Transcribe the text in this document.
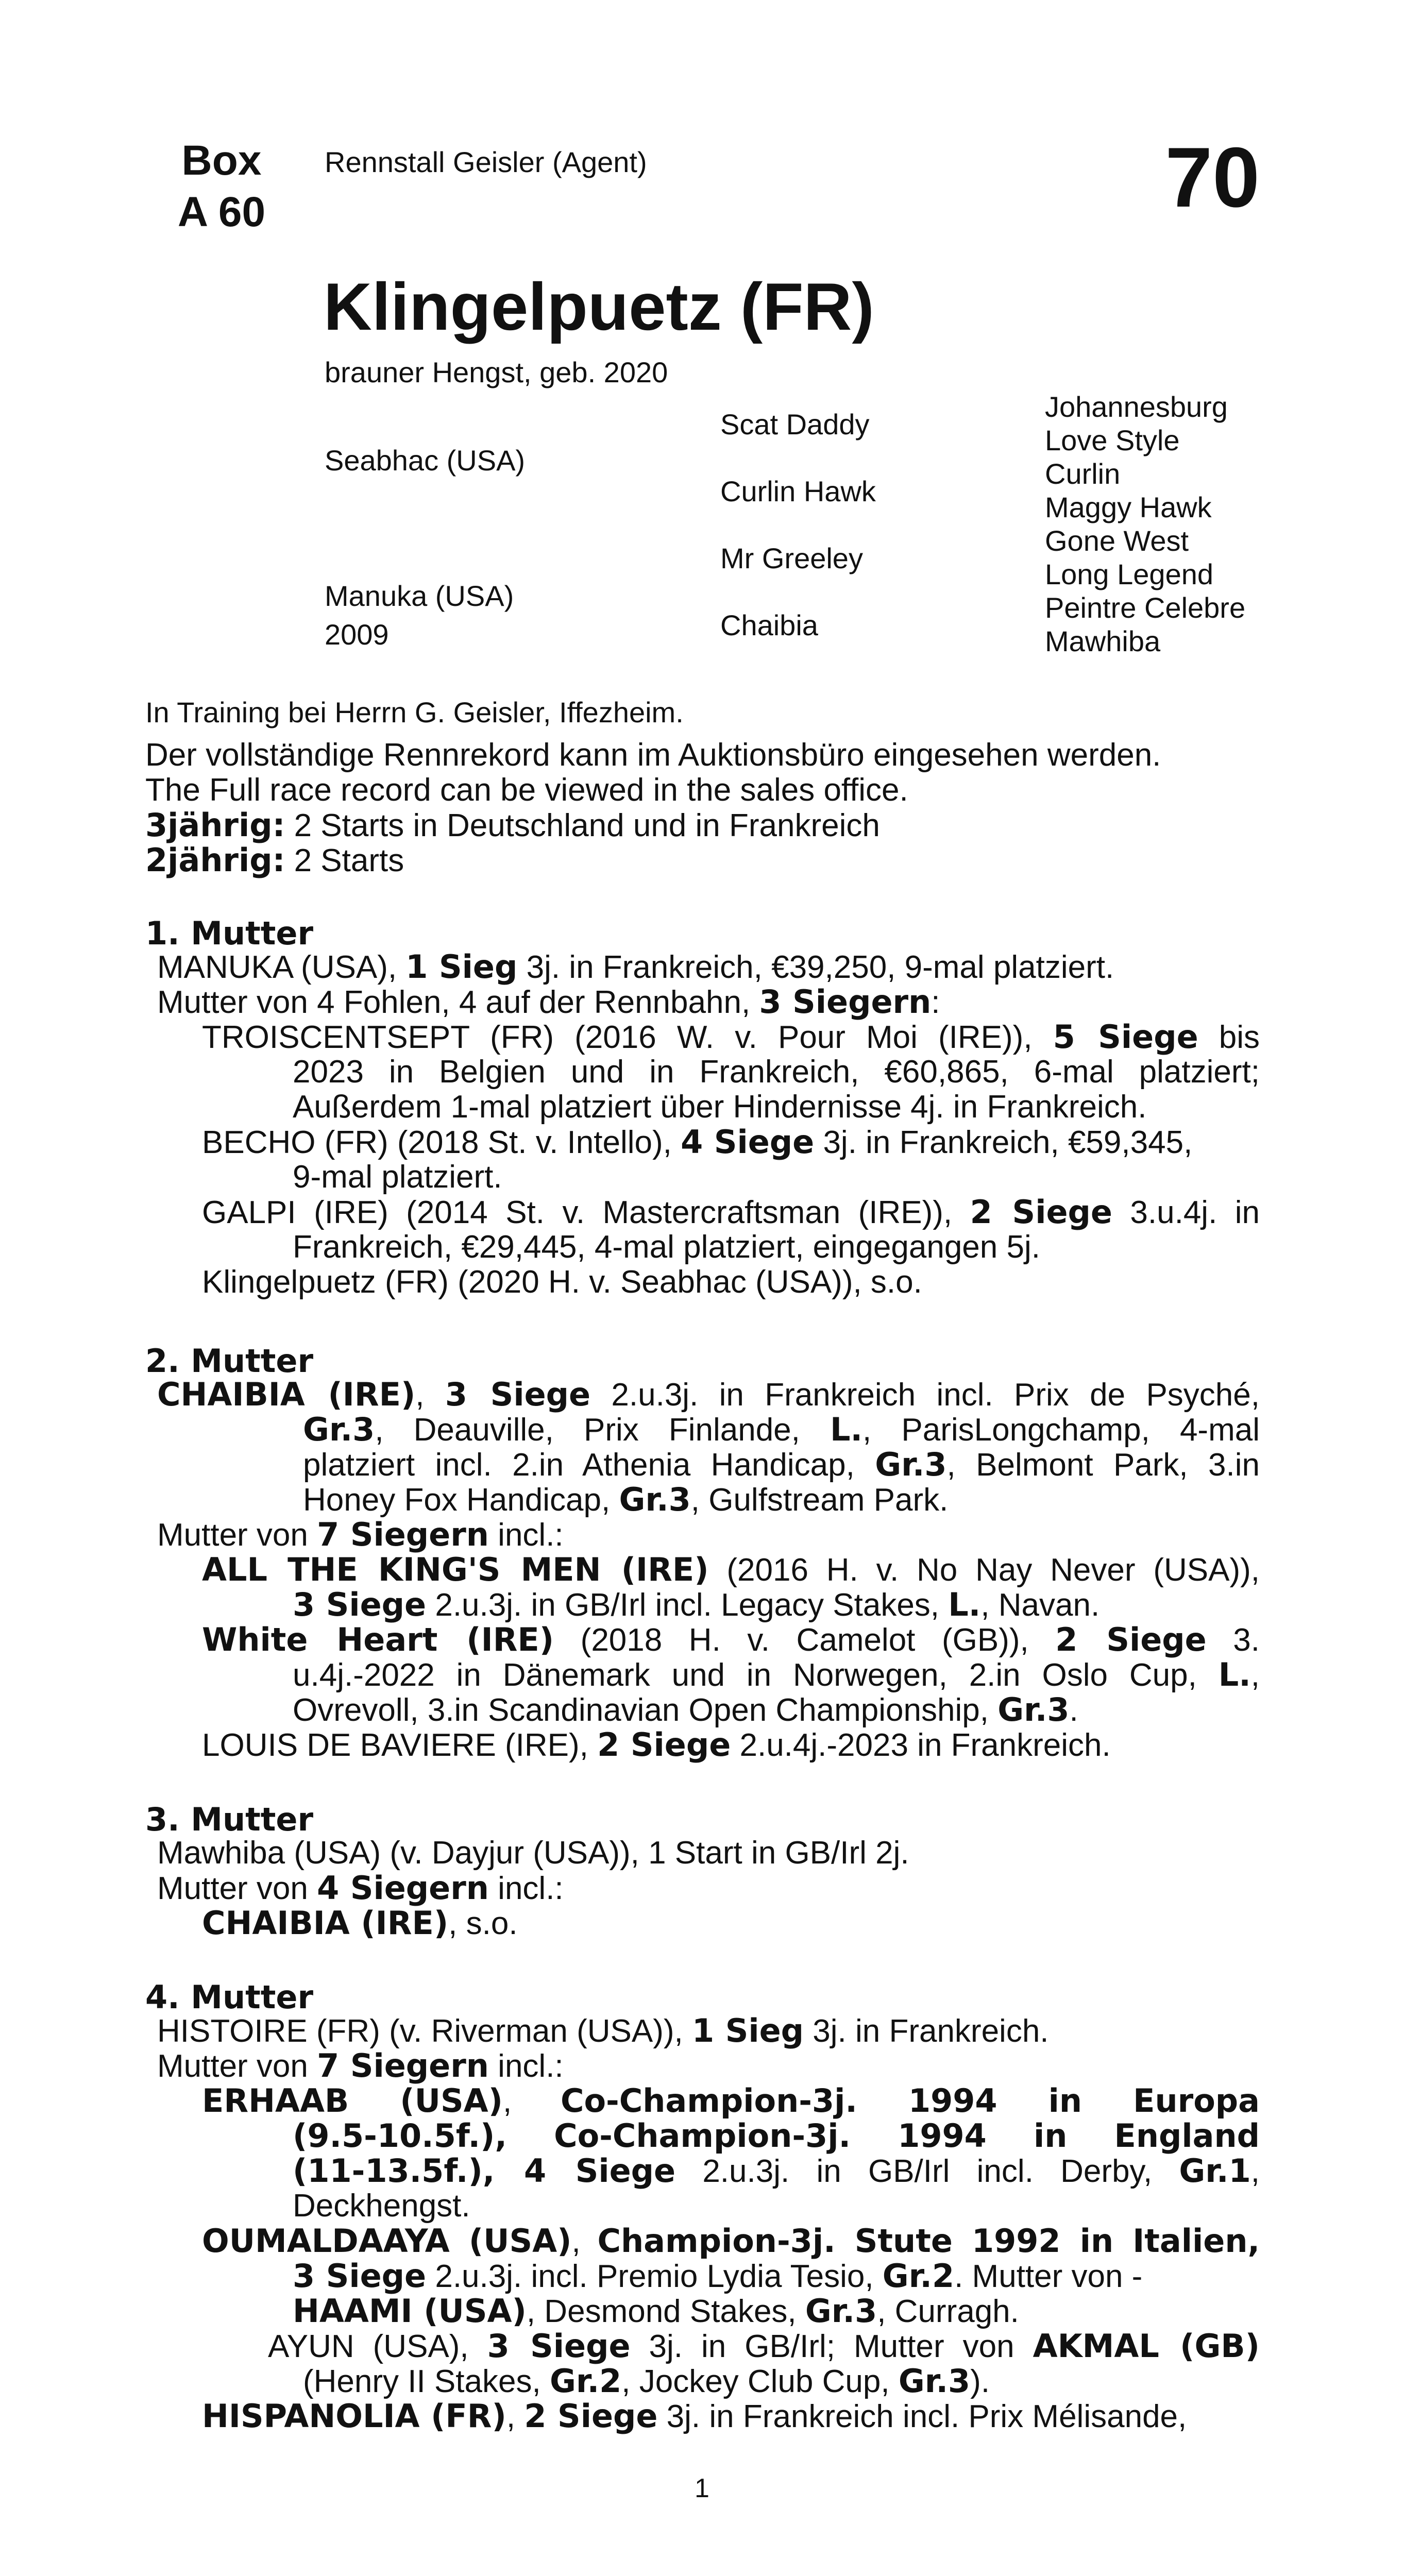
Box
A 60
Rennstall Geisler (Agent)	70
Klingelpuetz (FR)
brauner Hengst, geb. 2020
Seabhac (USA)
Manuka (USA)
2009
Scat Daddy
Curlin Hawk
Mr Greeley
Chaibia
Johannesburg
Love Style
Curlin
Maggy Hawk
Gone West
Long Legend
Peintre Celebre
Mawhiba
In Training bei Herrn G. Geisler, Iffezheim.
Der vollständige Rennrekord kann im Auktionsbüro eingesehen werden.
The Full race record can be viewed in the sales office.
3jährig: 2 Starts in Deutschland und in Frankreich
2jährig: 2 Starts
1. Mutter
MANUKA (USA), 1 Sieg 3j. in Frankreich, €39,250, 9-mal platziert.
Mutter von 4 Fohlen, 4 auf der Rennbahn, 3 Siegern:
TROISCENTSEPT (FR) (2016 W. v. Pour Moi (IRE)), 5 Siege bis
2023 in Belgien und in Frankreich, €60,865, 6-mal platziert;
Außerdem 1-mal platziert über Hindernisse 4j. in Frankreich.
BECHO (FR) (2018 St. v. Intello), 4 Siege 3j. in Frankreich, €59,345,
9-mal platziert.
GALPI (IRE) (2014 St. v. Mastercraftsman (IRE)), 2 Siege 3.u.4j. in
Frankreich, €29,445, 4-mal platziert, eingegangen 5j.
Klingelpuetz (FR) (2020 H. v. Seabhac (USA)), s.o.
2. Mutter
CHAIBIA (IRE), 3 Siege 2.u.3j. in Frankreich incl. Prix de Psyché,
Gr.3, Deauville, Prix Finlande, L., ParisLongchamp, 4-mal
platziert incl. 2.in Athenia Handicap, Gr.3, Belmont Park, 3.in
Honey Fox Handicap, Gr.3, Gulfstream Park.
Mutter von 7 Siegern incl.:
ALL THE KING'S MEN (IRE) (2016 H. v. No Nay Never (USA)),
3 Siege 2.u.3j. in GB/Irl incl. Legacy Stakes, L., Navan.
White Heart (IRE) (2018 H. v. Camelot (GB)), 2 Siege 3.
u.4j.-2022 in Dänemark und in Norwegen, 2.in Oslo Cup, L.,
Ovrevoll, 3.in Scandinavian Open Championship, Gr.3.
LOUIS DE BAVIERE (IRE), 2 Siege 2.u.4j.-2023 in Frankreich.
3. Mutter
Mawhiba (USA) (v. Dayjur (USA)), 1 Start in GB/Irl 2j.
Mutter von 4 Siegern incl.:
CHAIBIA (IRE), s.o.
4. Mutter
HISTOIRE (FR) (v. Riverman (USA)), 1 Sieg 3j. in Frankreich.
Mutter von 7 Siegern incl.:
ERHAAB (USA), Co-Champion-3j. 1994 in Europa
(9.5-10.5f.), Co-Champion-3j. 1994 in England
(11-13.5f.), 4 Siege 2.u.3j. in GB/Irl incl. Derby, Gr.1,
Deckhengst.
OUMALDAAYA (USA), Champion-3j. Stute 1992 in Italien,
3 Siege 2.u.3j. incl. Premio Lydia Tesio, Gr.2. Mutter von -
HAAMI (USA), Desmond Stakes, Gr.3, Curragh.
AYUN (USA), 3 Siege 3j. in GB/Irl; Mutter von AKMAL (GB)
(Henry II Stakes, Gr.2, Jockey Club Cup, Gr.3).
HISPANOLIA (FR), 2 Siege 3j. in Frankreich incl. Prix Mélisande,
1
